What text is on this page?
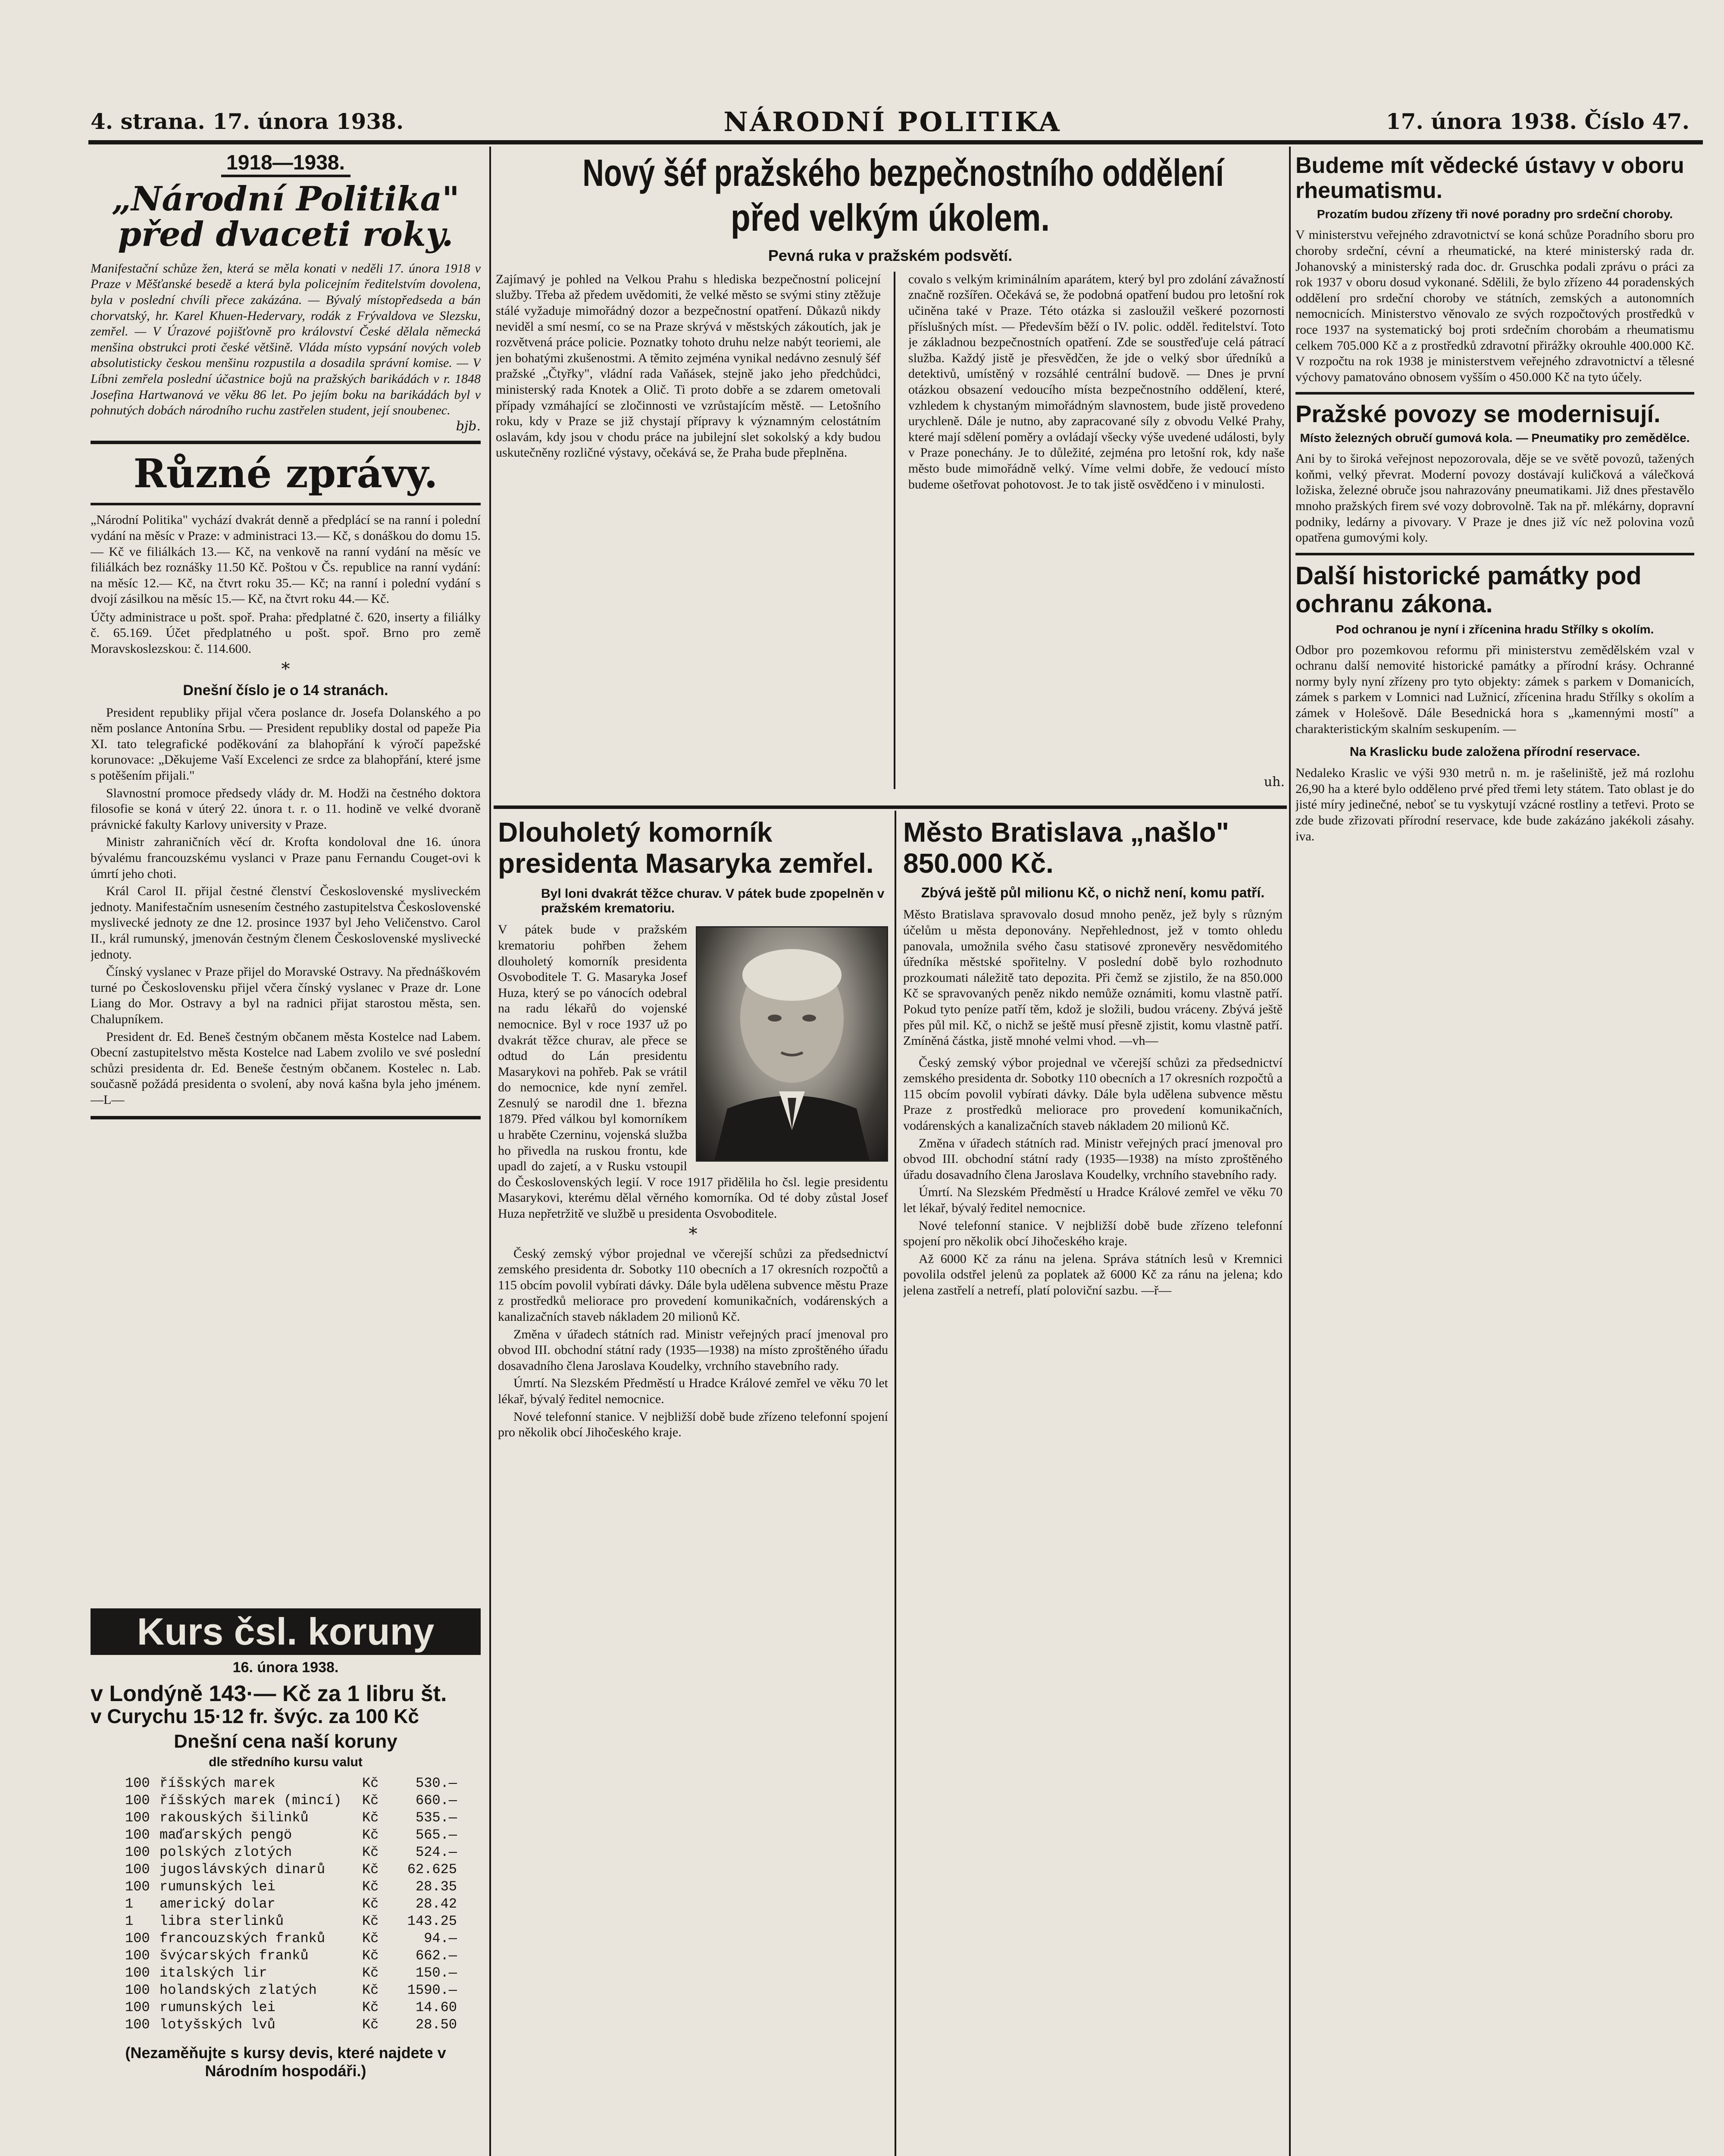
4. strana. 17. února 1938.	NÁRODNÍ POLITIKA	17. února 1938. Číslo 47.
1918—1938.
„Národní Politika" před dvaceti roky.
Manifestační schůze žen, která se měla konati v neděli 17. února 1918 v Praze v Měšťanské besedě a která byla policejním ředitelstvím dovolena, byla v poslední chvíli přece zakázána. — Bývalý místopředseda a bán chorvatský, hr. Karel Khuen-Hedervary, rodák z Frývaldova ve Slezsku, zemřel. — V Úrazové pojišťovně pro království České dělala německá menšina obstrukci proti české většině. Vláda místo vypsání nových voleb absolutisticky českou menšinu rozpustila a dosadila správní komise. — V Líbni zemřela poslední účastnice bojů na pražských barikádách v r. 1848 Josefina Hartwanová ve věku 86 let. Po jejím boku na barikádách byl v pohnutých dobách národního ruchu zastřelen student, její snoubenec.
bjb.
Různé zprávy.
„Národní Politika" vychází dvakrát denně a předplácí se na ranní i polední vydání na měsíc v Praze: v administraci 13.— Kč, s donáškou do domu 15.— Kč ve filiálkách 13.— Kč, na venkově na ranní vydání na měsíc ve filiálkách bez roznášky 11.50 Kč. Poštou v Čs. republice na ranní vydání: na měsíc 12.— Kč, na čtvrt roku 35.— Kč; na ranní i polední vydání s dvojí zásilkou na měsíc 15.— Kč, na čtvrt roku 44.— Kč.
Účty administrace u pošt. spoř. Praha: předplatné č. 620, inserty a filiálky č. 65.169. Účet předplatného u pošt. spoř. Brno pro země Moravskoslezskou: č. 114.600.
*
Dnešní číslo je o 14 stranách.

President republiky přijal včera poslance dr. Josefa Dolanského a po něm poslance Antonína Srbu. — President republiky dostal od papeže Pia XI. tato telegrafické poděkování za blahopřání k výročí papežské korunovace: „Děkujeme Vaší Excelenci ze srdce za blahopřání, které jsme s potěšením přijali."

Slavnostní promoce předsedy vlády dr. M. Hodži na čestného doktora filosofie se koná v úterý 22. února t. r. o 11. hodině ve velké dvoraně právnické fakulty Karlovy university v Praze.

Ministr zahraničních věcí dr. Krofta kondoloval dne 16. února bývalému francouzskému vyslanci v Praze panu Fernandu Couget-ovi k úmrtí jeho choti.

Král Carol II. přijal čestné členství Československé mysliveckém jednoty. Manifestačním usnesením čestného zastupitelstva Československé myslivecké jednoty ze dne 12. prosince 1937 byl Jeho Veličenstvo. Carol II., král rumunský, jmenován čestným členem Československé myslivecké jednoty.

Čínský vyslanec v Praze přijel do Moravské Ostravy. Na přednáškovém turné po Československu přijel včera čínský vyslanec v Praze dr. Lone Liang do Mor. Ostravy a byl na radnici přijat starostou města, sen. Chalupníkem.

President dr. Ed. Beneš čestným občanem města Kostelce nad Labem. Obecní zastupitelstvo města Kostelce nad Labem zvolilo ve své poslední schůzi presidenta dr. Ed. Beneše čestným občanem. Kostelec n. Lab. současně požádá presidenta o svolení, aby nová kašna byla jeho jménem. —L—

Kurs čsl. koruny
16. února 1938.
v Londýně 143·— Kč za 1 libru št.
v Curychu 15·12 fr. švýc. za 100 Kč
Dnešní cena naší koruny
dle středního kursu valut
100 říšských marek	Kč	530.—
100 říšských marek (mincí)	Kč	660.—
100 rakouských šilinků	Kč	535.—
100 maďarských pengö	Kč	565.—
100 polských zlotých	Kč	524.—
100 jugoslávských dinarů	Kč	62.625
100 rumunských lei	Kč	28.35
1	americký dolar	Kč	28.42
1	libra sterlinků	Kč	143.25
100 francouzských franků	Kč	94.—
100 švýcarských franků	Kč	662.—
100 italských lir	Kč	150.—
100 holandských zlatých	Kč	1590.—
100 rumunských lei	Kč	14.60
100 lotyšských lvů	Kč	28.50
(Nezaměňujte s kursy devis, které najdete v Národním hospodáři.)
Nový šéf pražského bezpečnostního oddělení
před velkým úkolem.
Pevná ruka v pražském podsvětí.
Zajímavý je pohled na Velkou Prahu s hlediska bezpečnostní policejní služby. Třeba až předem uvědomiti, že velké město se svými stiny ztěžuje stálé vyžaduje mimořádný dozor a bezpečnostní opatření. Důkazů nikdy neviděl a smí nesmí, co se na Praze skrývá v městských zákoutích, jak je rozvětvená práce policie. Poznatky tohoto druhu nelze nabýt teoriemi, ale jen bohatými zkušenostmi. A těmito zejména vynikal nedávno zesnulý šéf pražské „Čtyřky", vládní rada Vaňásek, stejně jako jeho předchůdci, ministerský rada Knotek a Olič. Ti proto dobře a se zdarem ometovali případy vzmáhající se zločinnosti ve vzrůstajícím městě. — Letošního roku, kdy v Praze se již chystají přípravy k významným celostátním oslavám, kdy jsou v chodu práce na jubilejní slet sokolský a kdy budou uskutečněny rozličné výstavy, očekává se, že Praha bude přeplněna.
covalo s velkým kriminálním aparátem, který byl pro zdolání závažností značně rozšířen. Očekává se, že podobná opatření budou pro letošní rok učiněna také v Praze. Této otázka si zasloužil veškeré pozornosti příslušných míst. — Především běží o IV. polic. odděl. ředitelství. Toto je základnou bezpečnostních opatření. Zde se soustřeďuje celá pátrací služba. Každý jistě je přesvědčen, že jde o velký sbor úředníků a detektivů, umístěný v rozsáhlé centrální budově. — Dnes je první otázkou obsazení vedoucího místa bezpečnostního oddělení, které, vzhledem k chystaným mimořádným slavnostem, bude jistě provedeno urychleně. Dále je nutno, aby zapracované síly z obvodu Velké Prahy, které mají sdělení poměry a ovládají všecky výše uvedené události, byly v Praze ponechány. Je to důležité, zejména pro letošní rok, kdy naše město bude mimořádně velký. Víme velmi dobře, že vedoucí místo budeme ošetřovat pohotovost. Je to tak jistě osvědčeno i v minulosti.
uh.
Dlouholetý komorník presidenta Masaryka zemřel.
Byl loni dvakrát těžce churav. V pátek bude zpopelněn v pražském krematoriu.
V pátek bude v pražském krematoriu pohřben žehem dlouholetý komorník presidenta Osvoboditele T. G. Masaryka Josef Huza, který se po vánocích odebral na radu lékařů do vojenské nemocnice. Byl v roce 1937 už po dvakrát těžce churav, ale přece se odtud do Lán presidentu Masarykovi na pohřeb. Pak se vrátil do nemocnice, kde nyní zemřel. Zesnulý se narodil dne 1. března 1879. Před válkou byl komorníkem u hraběte Czerninu, vojenská služba ho přivedla na ruskou frontu, kde upadl do zajetí, a v Rusku vstoupil do Československých legií. V roce 1917 přidělila ho čsl. legie presidentu Masarykovi, kterému dělal věrného komorníka. Od té doby zůstal Josef Huza nepřetržitě ve službě u presidenta Osvoboditele.
*

Český zemský výbor projednal ve včerejší schůzi za předsednictví zemského presidenta dr. Sobotky 110 obecních a 17 okresních rozpočtů a 115 obcím povolil vybírati dávky. Dále byla udělena subvence městu Praze z prostředků meliorace pro provedení komunikačních, vodárenských a kanalizačních staveb nákladem 20 milionů Kč.

Změna v úřadech státních rad. Ministr veřejných prací jmenoval pro obvod III. obchodní státní rady (1935—1938) na místo zproštěného úřadu dosavadního člena Jaroslava Koudelky, vrchního stavebního rady.

Úmrtí. Na Slezském Předměstí u Hradce Králové zemřel ve věku 70 let lékař, bývalý ředitel nemocnice.

Nové telefonní stanice. V nejbližší době bude zřízeno telefonní spojení pro několik obcí Jihočeského kraje.

Město Bratislava „našlo" 850.000 Kč.
Zbývá ještě půl milionu Kč, o nichž není, komu patří.
Město Bratislava spravovalo dosud mnoho peněz, jež byly s různým účelům u města deponovány. Nepřehlednost, jež v tomto ohledu panovala, umožnila svého času statisové zpronevěry nesvědomitého úředníka městské spořitelny. V poslední době bylo rozhodnuto prozkoumati náležitě tato depozita. Při čemž se zjistilo, že na 850.000 Kč se spravovaných peněz nikdo nemůže oznámiti, komu vlastně patří. Pokud tyto peníze patří těm, kdož je složili, budou vráceny. Zbývá ještě přes půl mil. Kč, o nichž se ještě musí přesně zjistit, komu vlastně patří. Zmíněná částka, jistě mnohé velmi vhod. —vh—

Český zemský výbor projednal ve včerejší schůzi za předsednictví zemského presidenta dr. Sobotky 110 obecních a 17 okresních rozpočtů a 115 obcím povolil vybírati dávky. Dále byla udělena subvence městu Praze z prostředků meliorace pro provedení komunikačních, vodárenských a kanalizačních staveb nákladem 20 milionů Kč.

Změna v úřadech státních rad. Ministr veřejných prací jmenoval pro obvod III. obchodní státní rady (1935—1938) na místo zproštěného úřadu dosavadního člena Jaroslava Koudelky, vrchního stavebního rady.

Úmrtí. Na Slezském Předměstí u Hradce Králové zemřel ve věku 70 let lékař, bývalý ředitel nemocnice.

Nové telefonní stanice. V nejbližší době bude zřízeno telefonní spojení pro několik obcí Jihočeského kraje.

Až 6000 Kč za ránu na jelena. Správa státních lesů v Kremnici povolila odstřel jelenů za poplatek až 6000 Kč za ránu na jelena; kdo jelena zastřelí a netrefí, platí poloviční sazbu. —ř—

Budeme mít vědecké ústavy v oboru rheumatismu.
Prozatím budou zřízeny tři nové poradny pro srdeční choroby.
V ministerstvu veřejného zdravotnictví se koná schůze Poradního sboru pro choroby srdeční, cévní a rheumatické, na které ministerský rada dr. Johanovský a ministerský rada doc. dr. Gruschka podali zprávu o práci za rok 1937 v oboru dosud vykonané. Sdělili, že bylo zřízeno 44 poradenských oddělení pro srdeční choroby ve státních, zemských a autonomních nemocnicích. Ministerstvo věnovalo ze svých rozpočtových prostředků v roce 1937 na systematický boj proti srdečním chorobám a rheumatismu celkem 705.000 Kč a z prostředků zdravotní přirážky okrouhle 400.000 Kč. V rozpočtu na rok 1938 je ministerstvem veřejného zdravotnictví a tělesné výchovy pamatováno obnosem vyšším o 450.000 Kč na tyto účely.
Pražské povozy se modernisují.
Místo železných obručí gumová kola. — Pneumatiky pro zemědělce.
Ani by to široká veřejnost nepozorovala, děje se ve světě povozů, tažených koňmi, velký převrat. Moderní povozy dostávají kuličková a válečková ložiska, železné obruče jsou nahrazovány pneumatikami. Již dnes přestavělo mnoho pražských firem své vozy dobrovolně. Tak na př. mlékárny, dopravní podniky, ledárny a pivovary. V Praze je dnes již víc než polovina vozů opatřena gumovými koly.
Další historické památky pod ochranu zákona.
Pod ochranou je nyní i zřícenina hradu Střílky s okolím.
Odbor pro pozemkovou reformu při ministerstvu zemědělském vzal v ochranu další nemovité historické památky a přírodní krásy. Ochranné normy byly nyní zřízeny pro tyto objekty: zámek s parkem v Domanicích, zámek s parkem v Lomnici nad Lužnicí, zřícenina hradu Střílky s okolím a zámek v Holešově. Dále Besednická hora s „kamennými mostí" a charakteristickým skalním seskupením. —
Na Kraslicku bude založena přírodní reservace.
Nedaleko Kraslic ve výši 930 metrů n. m. je rašeliniště, jež má rozlohu 26,90 ha a které bylo odděleno prvé před třemi lety státem. Tato oblast je do jisté míry jedinečné, neboť se tu vyskytují vzácné rostliny a tetřevi. Proto se zde bude zřizovati přírodní reservace, kde bude zakázáno jakékoli zásahy. iva.
